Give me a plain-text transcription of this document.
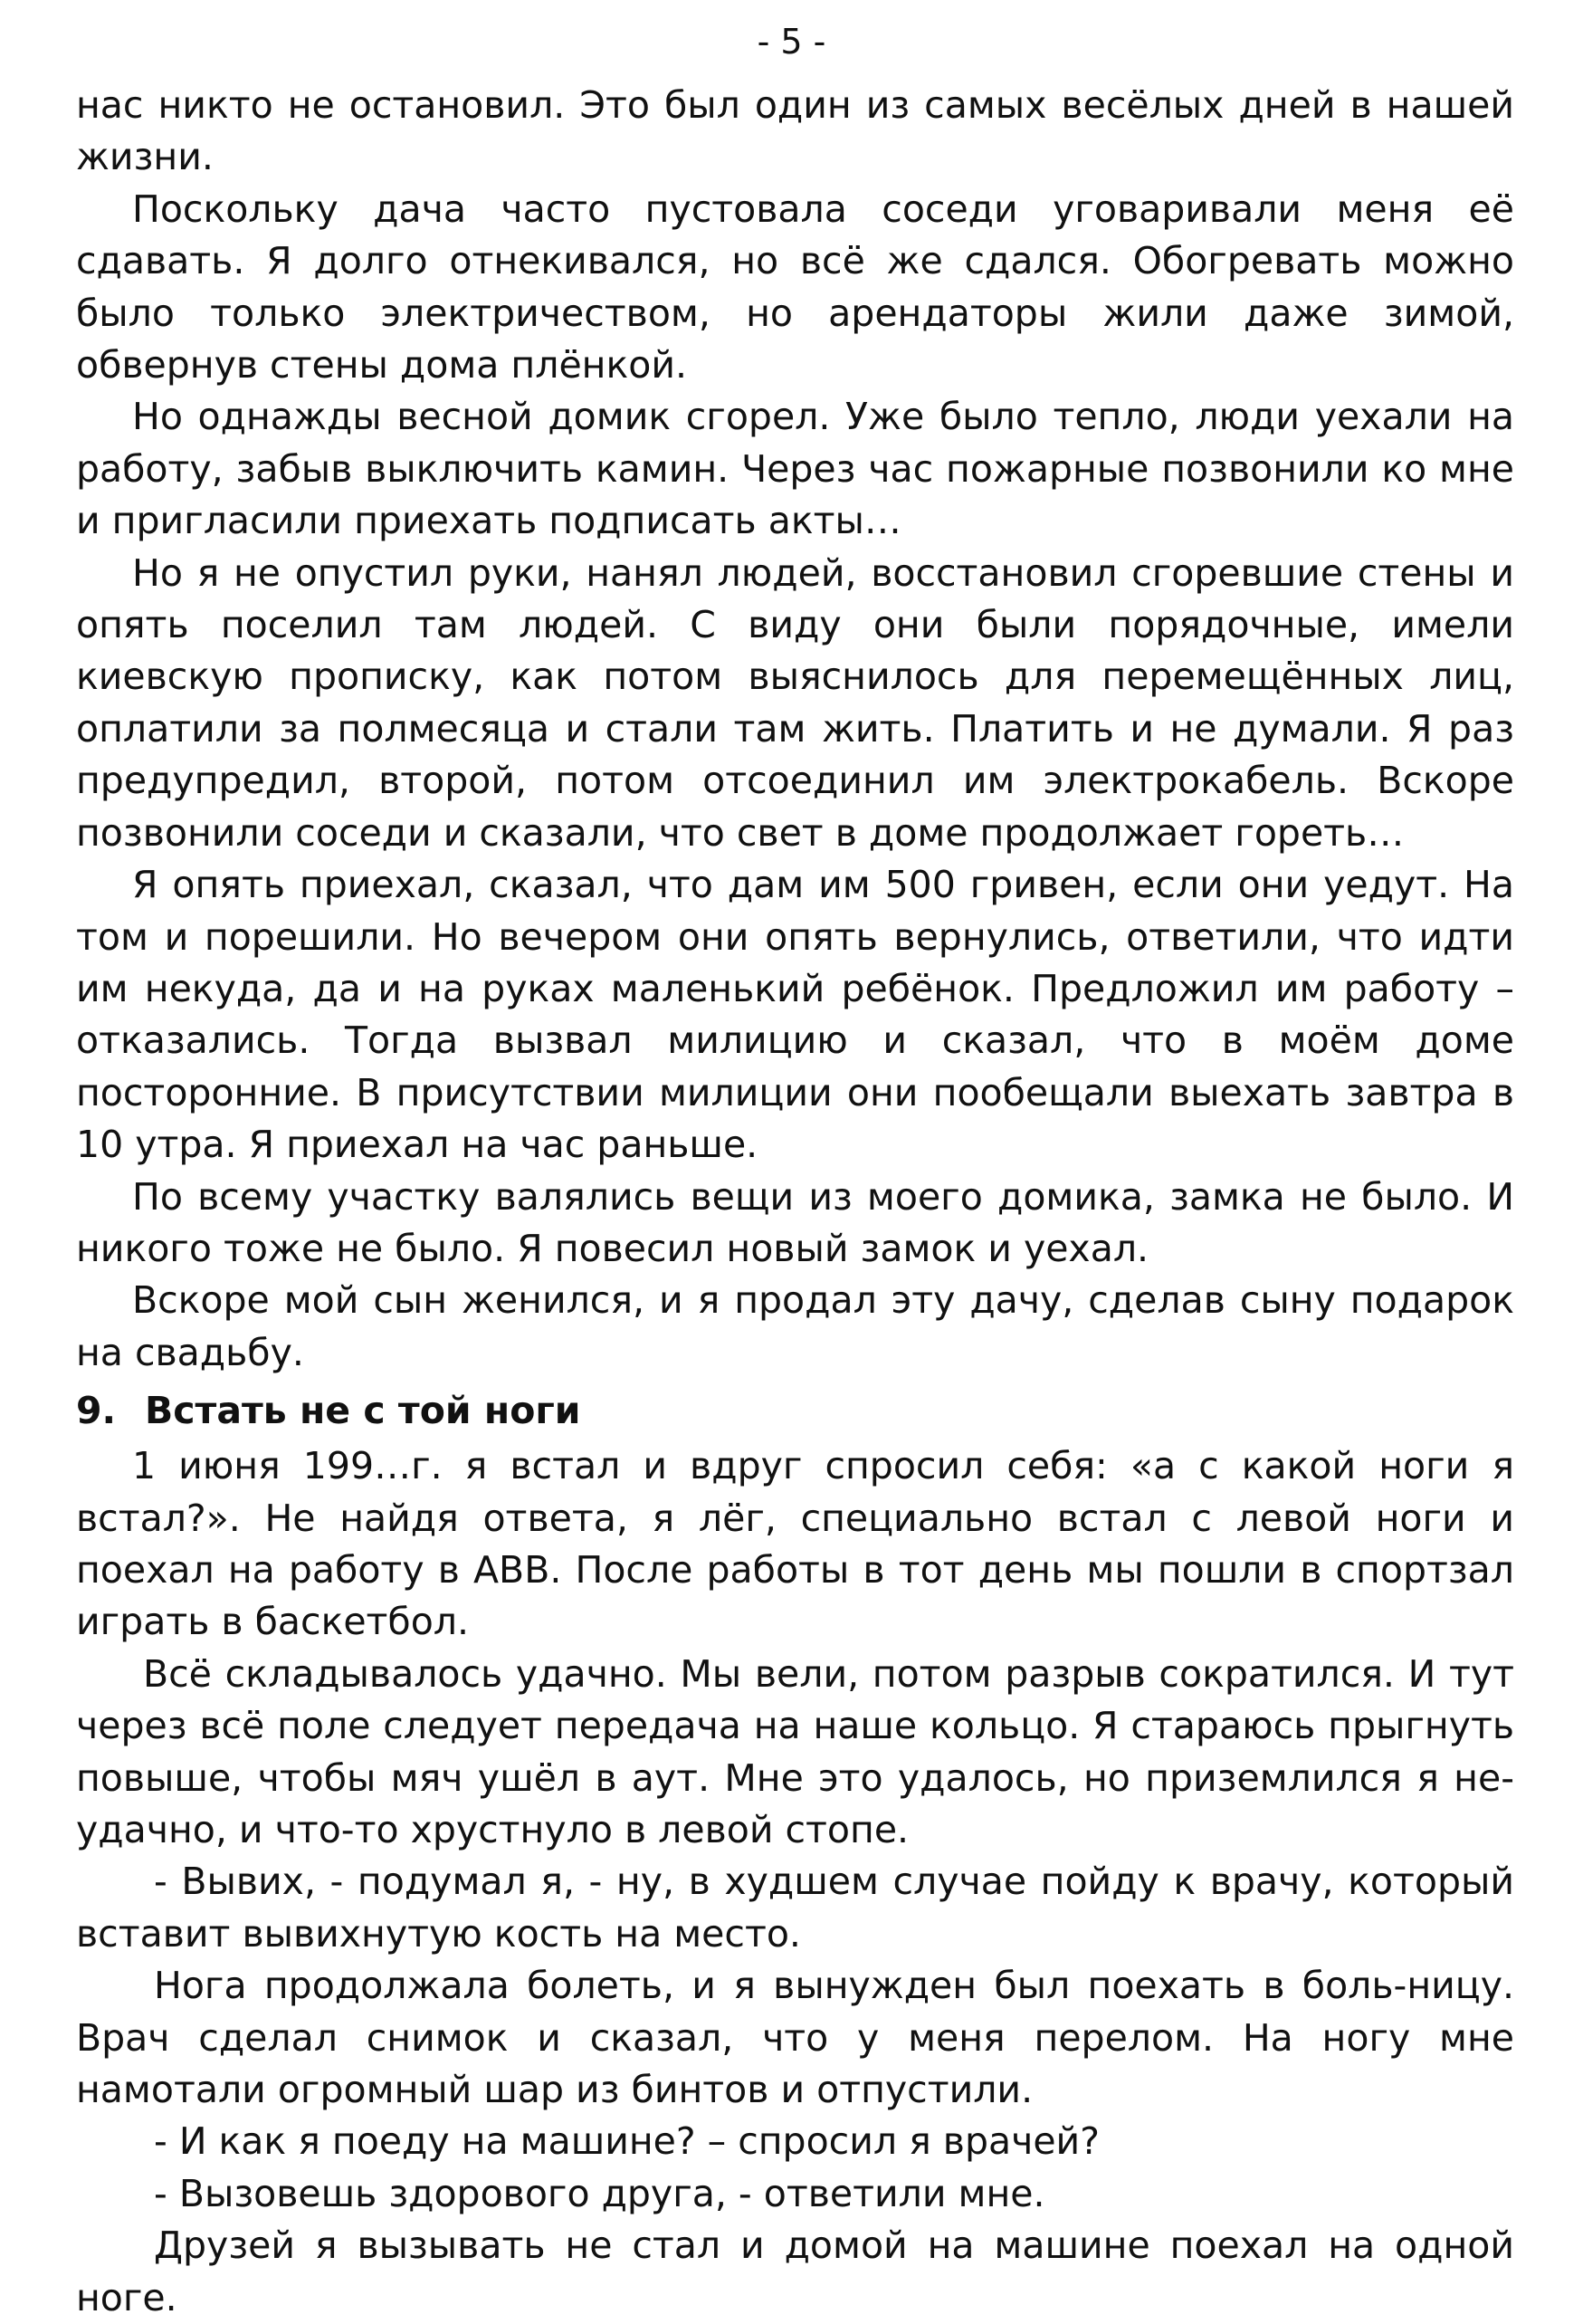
- 5 -

нас никто не остановил. Это был один из самых весёлых дней в нашей жизни.

Поскольку дача часто пустовала соседи уговаривали меня её сдавать. Я долго отнекивался, но всё же сдался. Обогревать можно было только электричеством, но арендаторы жили даже зимой, обвернув стены дома плёнкой.

Но однажды весной домик сгорел. Уже было тепло, люди уехали на работу, забыв выключить камин. Через час пожарные позвонили ко мне и пригласили приехать подписать акты…

Но я не опустил руки, нанял людей, восстановил сгоревшие стены и опять поселил там людей. С виду они были порядочные, имели киевскую прописку, как потом выяснилось для перемещённых лиц, оплатили за полмесяца и стали там жить. Платить и не думали. Я раз предупредил, второй, потом отсоединил им электрокабель. Вскоре позвонили соседи и сказали, что свет в доме продолжает гореть…

Я опять приехал, сказал, что дам им 500 гривен, если они уедут. На том и порешили. Но вечером они опять вернулись, ответили, что идти им некуда, да и на руках маленький ребёнок. Предложил им работу – отказались. Тогда вызвал милицию и сказал, что в моём доме посторонние. В присутствии милиции они пообещали выехать завтра в 10 утра. Я приехал на час раньше.

По всему участку валялись вещи из моего домика, замка не было. И никого тоже не было. Я повесил новый замок и уехал.

Вскоре мой сын женился, и я продал эту дачу, сделав сыну подарок на свадьбу.

9. Встать не с той ноги

1 июня 199…г. я встал и вдруг спросил себя: «а с какой ноги я встал?». Не найдя ответа, я лёг, специально встал с левой ноги и поехал на работу в АВВ. После работы в тот день мы пошли в спортзал играть в баскетбол.

Всё складывалось удачно. Мы вели, потом разрыв сократился. И тут через всё поле следует передача на наше кольцо. Я стараюсь прыгнуть повыше, чтобы мяч ушёл в аут. Мне это удалось, но приземлился я неудачно, и что-то хрустнуло в левой стопе.

- Вывих, - подумал я, - ну, в худшем случае пойду к врачу, который вставит вывихнутую кость на место.

Нога продолжала болеть, и я вынужден был поехать в боль-ницу. Врач сделал снимок и сказал, что у меня перелом. На ногу мне намотали огромный шар из бинтов и отпустили.

- И как я поеду на машине? – спросил я врачей?

- Вызовешь здорового друга, - ответили мне.

Друзей я вызывать не стал и домой на машине поехал на одной ноге.
